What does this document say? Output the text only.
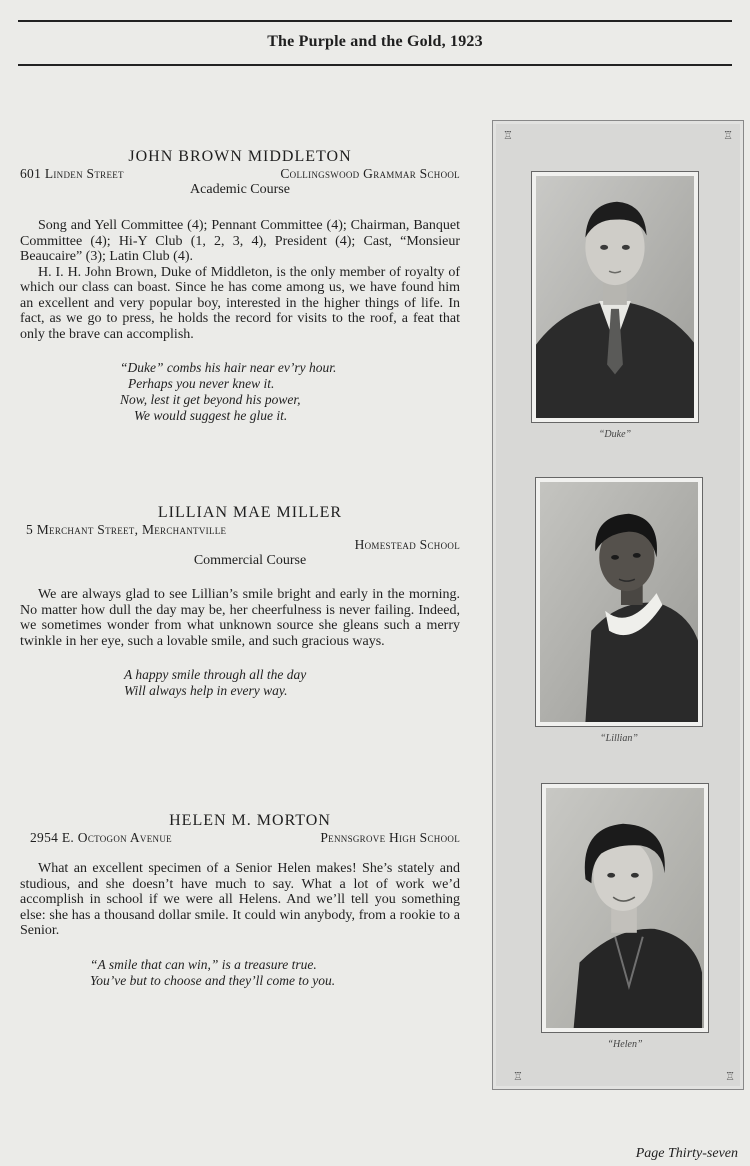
The Purple and the Gold, 1923
JOHN BROWN MIDDLETON
601 Linden Street	Collingswood Grammar School
Academic Course

Song and Yell Committee (4); Pennant Committee (4); Chairman, Banquet Committee (4); Hi-Y Club (1, 2, 3, 4), President (4); Cast, “Monsieur Beaucaire” (3); Latin Club (4).

H. I. H. John Brown, Duke of Middleton, is the only member of royalty of which our class can boast. Since he has come among us, we have found him an excellent and very popular boy, interested in the higher things of life. In fact, as we go to press, he holds the record for visits to the roof, a feat that only the brave can accomplish.

“Duke” combs his hair near ev’ry hour.
Perhaps you never knew it.
Now, lest it get beyond his power,
We would suggest he glue it.
LILLIAN MAE MILLER
5 Merchant Street, Merchantville
Homestead School
Commercial Course

We are always glad to see Lillian’s smile bright and early in the morning. No matter how dull the day may be, her cheerfulness is never failing. Indeed, we sometimes wonder from what unknown source she gleans such a merry twinkle in her eye, such a lovable smile, and such gracious ways.

A happy smile through all the day
Will always help in every way.
HELEN M. MORTON
2954 E. Octogon Avenue	Pennsgrove High School

What an excellent specimen of a Senior Helen makes! She’s stately and studious, and she doesn’t have much to say. What a lot of work we’d accomplish in school if we were all Helens. And we’ll tell you something else: she has a thousand dollar smile. It could win anybody, from a rookie to a Senior.

“A smile that can win,” is a treasure true.
You’ve but to choose and they’ll come to you.
♖	♖
♖	♖
“Duke”
“Lillian”
“Helen”
Page Thirty-seven
